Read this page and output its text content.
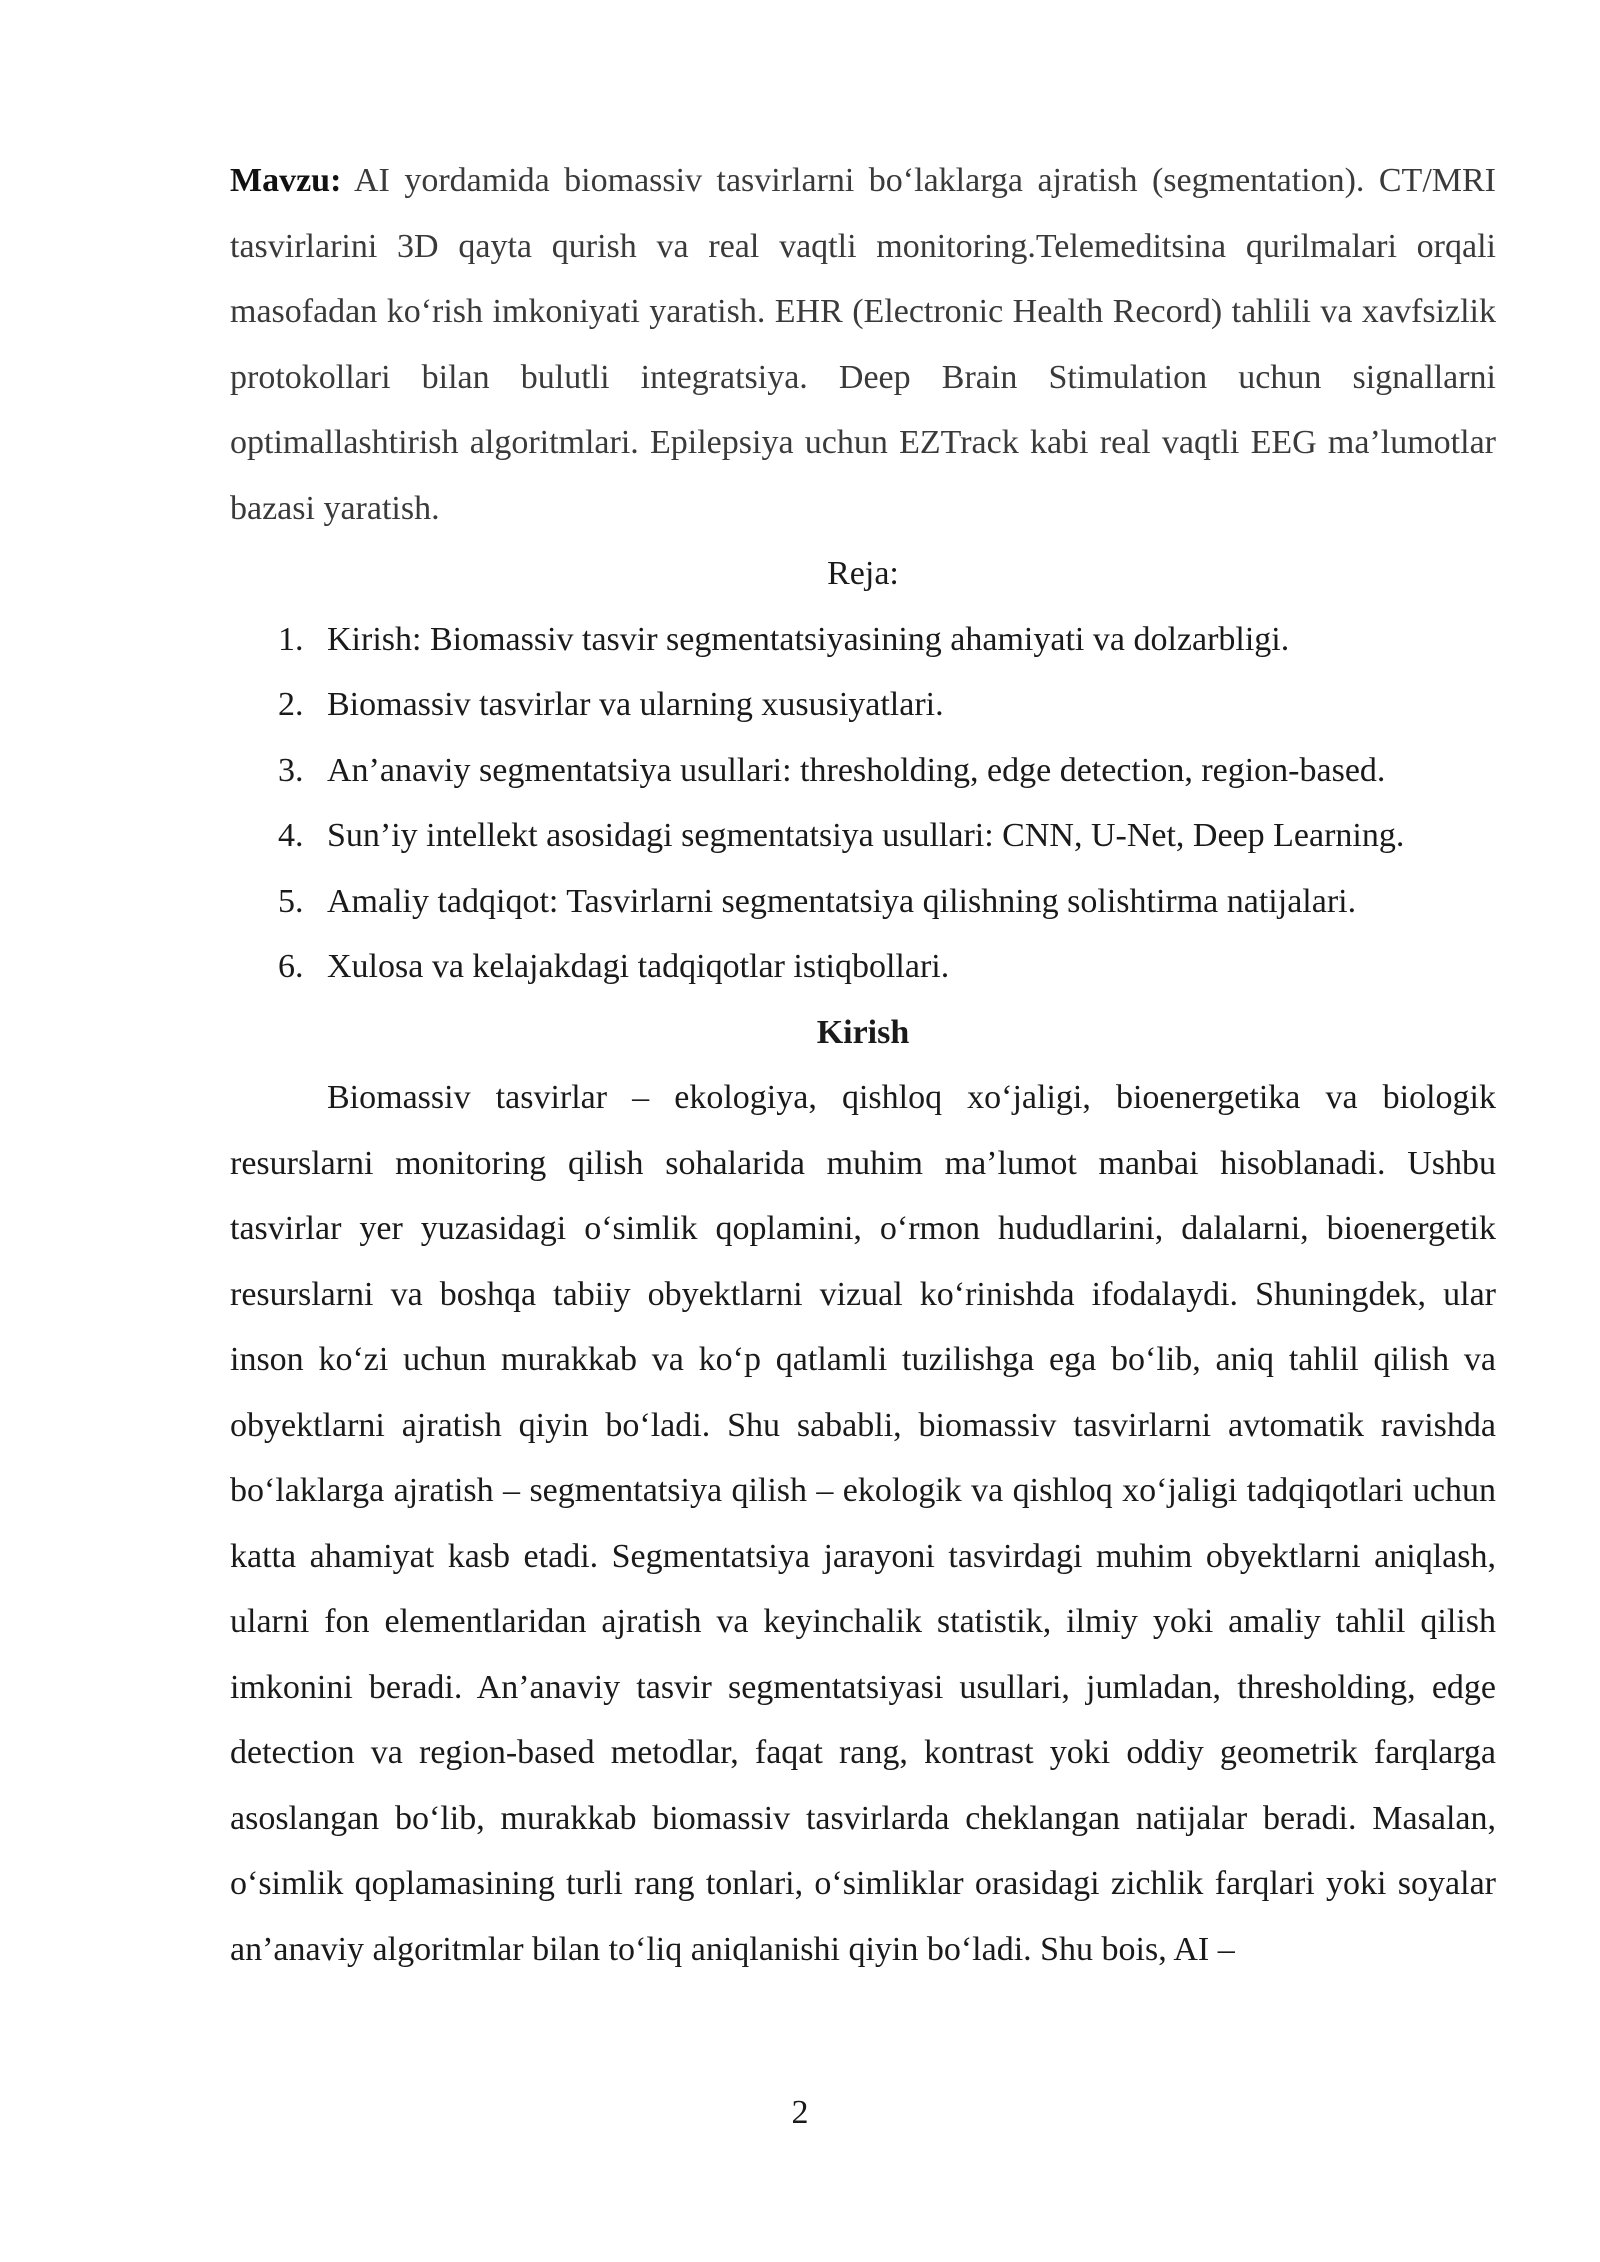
Mavzu: AI yordamida biomassiv tasvirlarni bo‘laklarga ajratish (segmentation). CT/MRI tasvirlarini 3D qayta qurish va real vaqtli monitoring.Telemeditsina qurilmalari orqali masofadan ko‘rish imkoniyati yaratish. EHR (Electronic Health Record) tahlili va xavfsizlik protokollari bilan bulutli integratsiya. Deep Brain Stimulation uchun signallarni optimallashtirish algoritmlari. Epilepsiya uchun EZTrack kabi real vaqtli EEG ma’lumotlar bazasi yaratish.

Reja:

1. Kirish: Biomassiv tasvir segmentatsiyasining ahamiyati va dolzarbligi.
2. Biomassiv tasvirlar va ularning xususiyatlari.
3. An’anaviy segmentatsiya usullari: thresholding, edge detection, region-based.
4. Sun’iy intellekt asosidagi segmentatsiya usullari: CNN, U-Net, Deep Learning.
5. Amaliy tadqiqot: Tasvirlarni segmentatsiya qilishning solishtirma natijalari.
6. Xulosa va kelajakdagi tadqiqotlar istiqbollari.

Kirish

Biomassiv tasvirlar – ekologiya, qishloq xo‘jaligi, bioenergetika va biologik resurslarni monitoring qilish sohalarida muhim ma’lumot manbai hisoblanadi. Ushbu tasvirlar yer yuzasidagi o‘simlik qoplamini, o‘rmon hududlarini, dalalarni, bioenergetik resurslarni va boshqa tabiiy obyektlarni vizual ko‘rinishda ifodalaydi. Shuningdek, ular inson ko‘zi uchun murakkab va ko‘p qatlamli tuzilishga ega bo‘lib, aniq tahlil qilish va obyektlarni ajratish qiyin bo‘ladi. Shu sababli, biomassiv tasvirlarni avtomatik ravishda bo‘laklarga ajratish – segmentatsiya qilish – ekologik va qishloq xo‘jaligi tadqiqotlari uchun katta ahamiyat kasb etadi. Segmentatsiya jarayoni tasvirdagi muhim obyektlarni aniqlash, ularni fon elementlaridan ajratish va keyinchalik statistik, ilmiy yoki amaliy tahlil qilish imkonini beradi. An’anaviy tasvir segmentatsiyasi usullari, jumladan, thresholding, edge detection va region-based metodlar, faqat rang, kontrast yoki oddiy geometrik farqlarga asoslangan bo‘lib, murakkab biomassiv tasvirlarda cheklangan natijalar beradi. Masalan, o‘simlik qoplamasining turli rang tonlari, o‘simliklar orasidagi zichlik farqlari yoki soyalar an’anaviy algoritmlar bilan to‘liq aniqlanishi qiyin bo‘ladi. Shu bois, AI –

2
